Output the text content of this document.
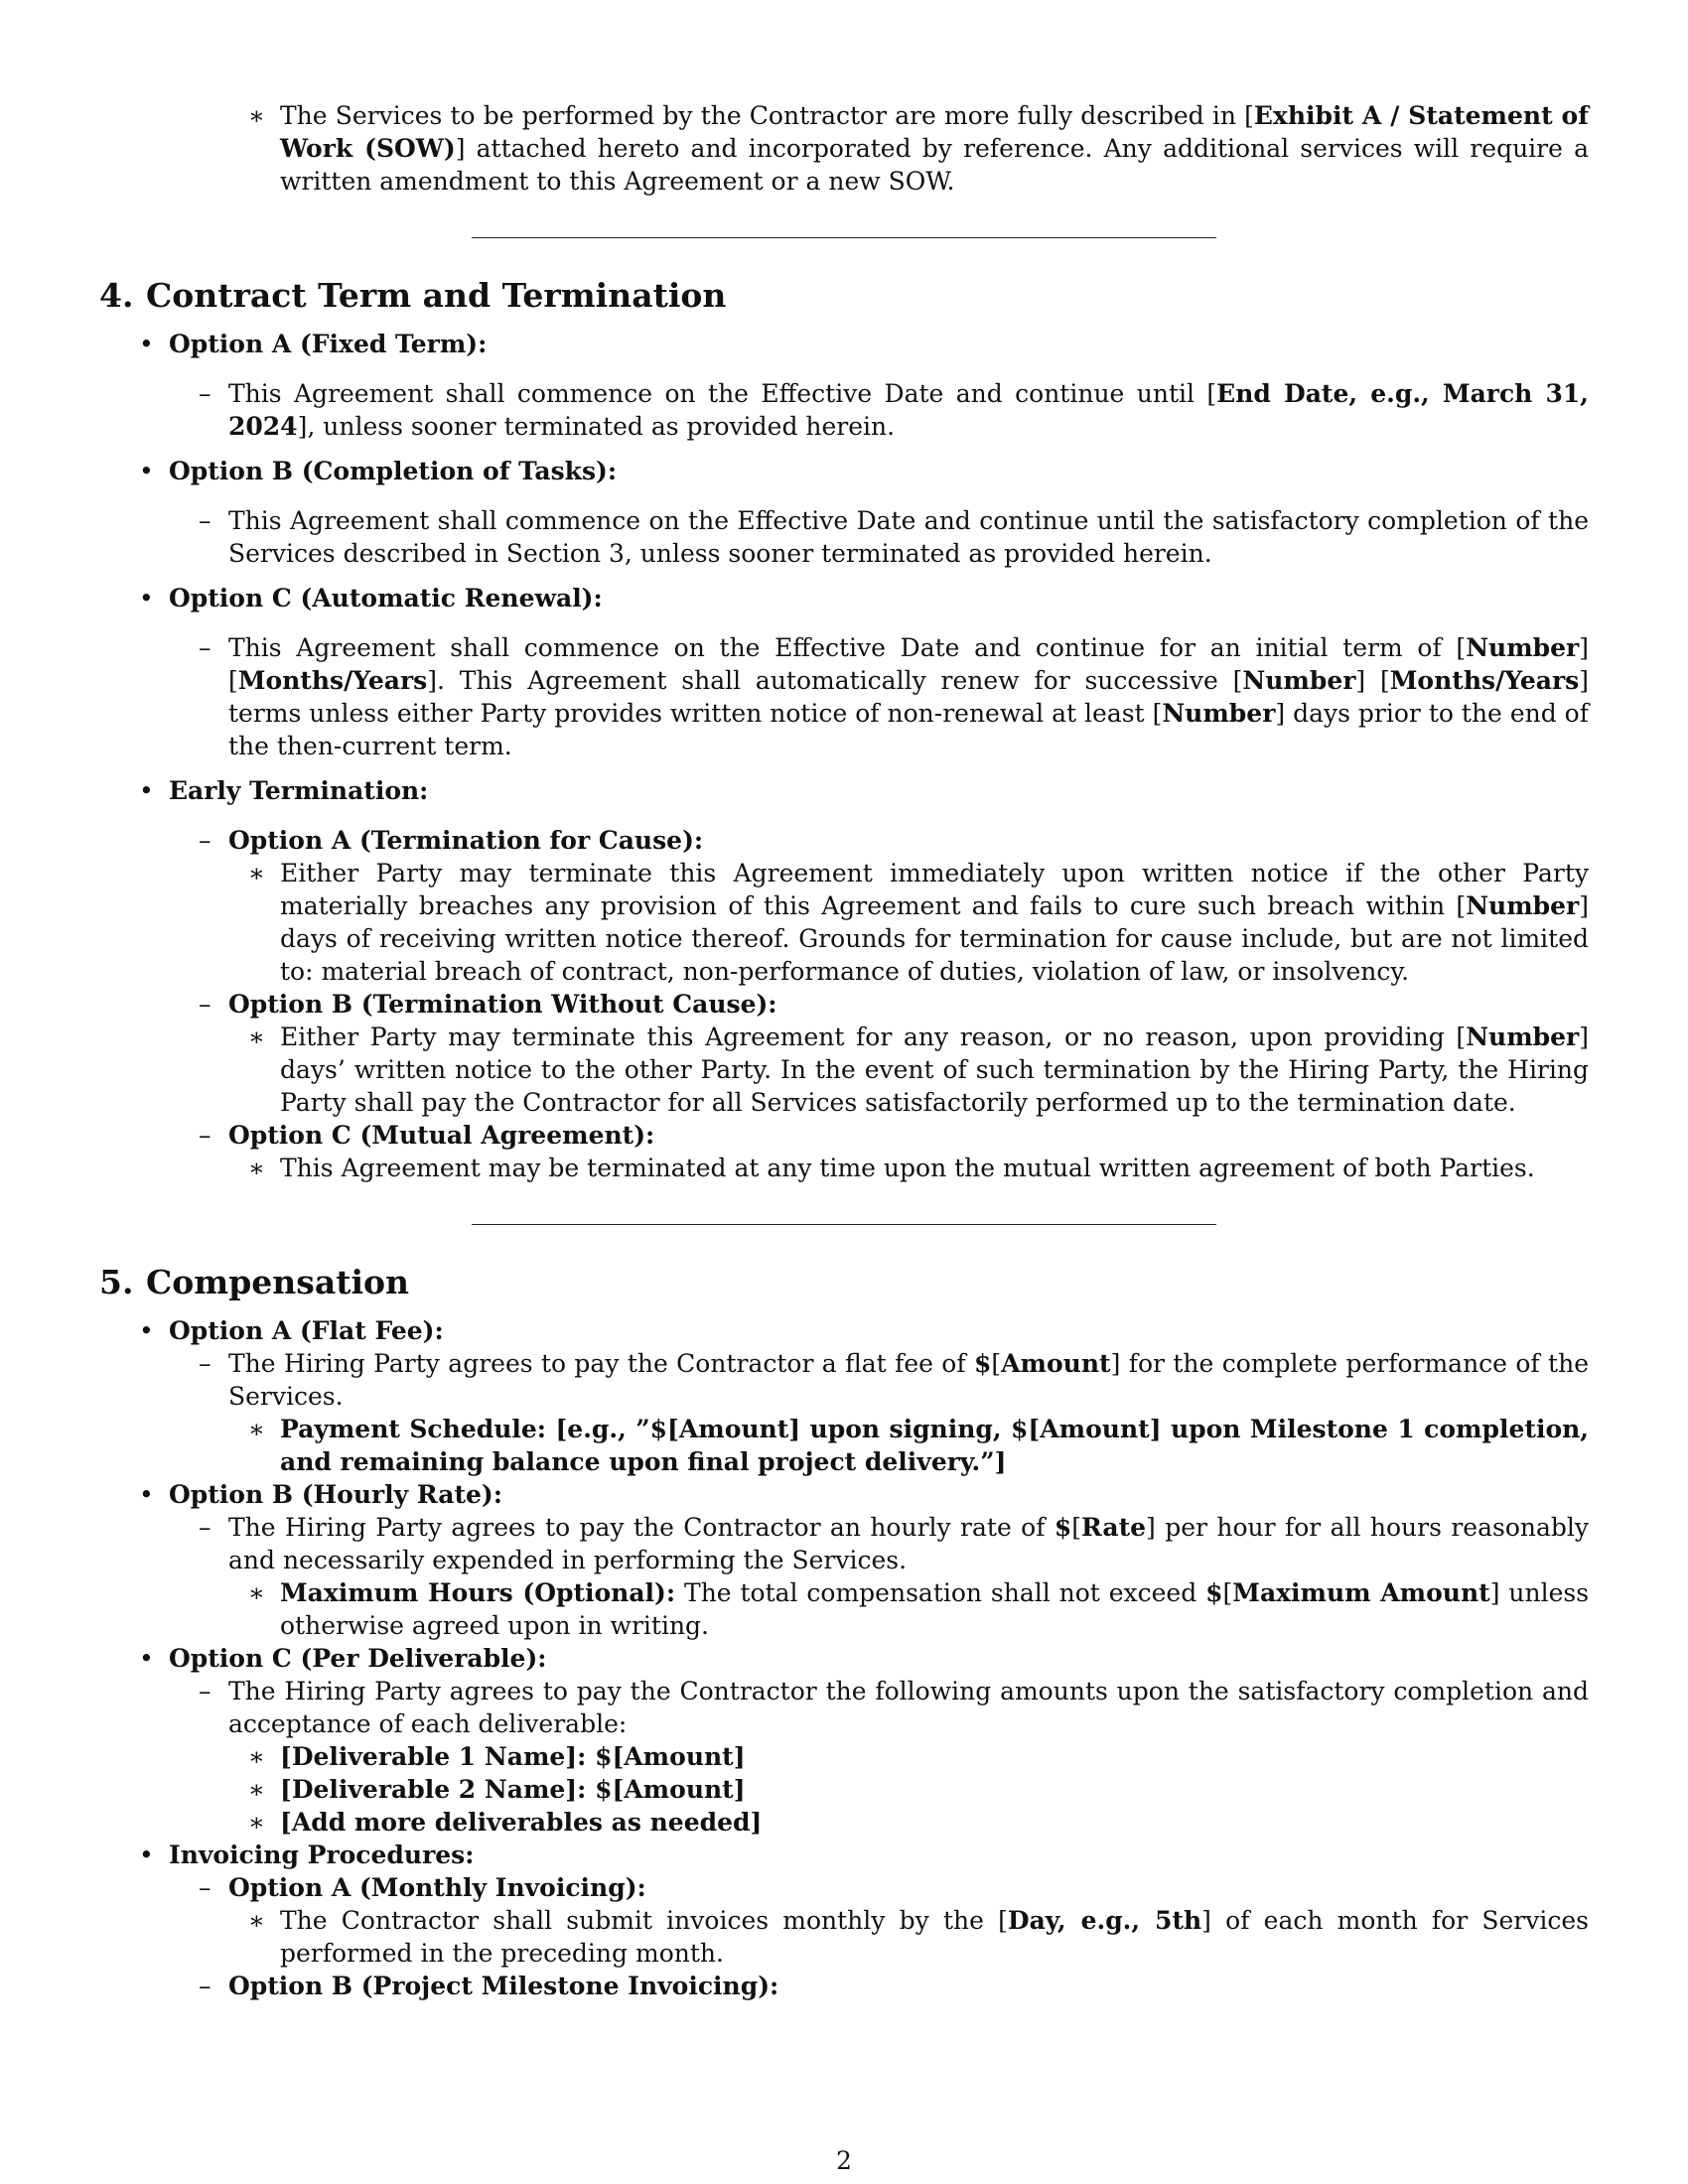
∗ The Services to be performed by the Contractor are more fully described in [Exhibit A / Statement of Work (SOW)] attached hereto and incorporated by reference. Any additional services will require a written amendment to this Agreement or a new SOW.

4. Contract Term and Termination
• Option A (Fixed Term):
– This Agreement shall commence on the Effective Date and continue until [End Date, e.g., March 31, 2024], unless sooner terminated as provided herein.

• Option B (Completion of Tasks):
– This Agreement shall commence on the Effective Date and continue until the satisfactory completion of the Services described in Section 3, unless sooner terminated as provided herein.

• Option C (Automatic Renewal):
– This Agreement shall commence on the Effective Date and continue for an initial term of [Number] [Months/Years]. This Agreement shall automatically renew for successive [Number] [Months/Years] terms unless either Party provides written notice of non-renewal at least [Number] days prior to the end of the then-current term.

• Early Termination:
– Option A (Termination for Cause):
∗ Either Party may terminate this Agreement immediately upon written notice if the other Party materially breaches any provision of this Agreement and fails to cure such breach within [Number] days of receiving written notice thereof. Grounds for termination for cause include, but are not limited to: material breach of contract, non-performance of duties, violation of law, or insolvency.

– Option B (Termination Without Cause):
∗ Either Party may terminate this Agreement for any reason, or no reason, upon providing [Number] days’ written notice to the other Party. In the event of such termination by the Hiring Party, the Hiring Party shall pay the Contractor for all Services satisfactorily performed up to the termination date.

– Option C (Mutual Agreement):
∗ This Agreement may be terminated at any time upon the mutual written agreement of both Parties.

5. Compensation
• Option A (Flat Fee):
– The Hiring Party agrees to pay the Contractor a flat fee of $[Amount] for the complete performance of the Services.

∗ Payment Schedule: [e.g., ”$[Amount] upon signing, $[Amount] upon Milestone 1 completion, and remaining balance upon final project delivery.”]
• Option B (Hourly Rate):
– The Hiring Party agrees to pay the Contractor an hourly rate of $[Rate] per hour for all hours reasonably and necessarily expended in performing the Services.

∗ Maximum Hours (Optional): The total compensation shall not exceed $[Maximum Amount] unless otherwise agreed upon in writing.

• Option C (Per Deliverable):
– The Hiring Party agrees to pay the Contractor the following amounts upon the satisfactory completion and acceptance of each deliverable:

∗ [Deliverable 1 Name]: $[Amount]
∗ [Deliverable 2 Name]: $[Amount]
∗ [Add more deliverables as needed]
• Invoicing Procedures:
– Option A (Monthly Invoicing):
∗ The Contractor shall submit invoices monthly by the [Day, e.g., 5th] of each month for Services performed in the preceding month.

– Option B (Project Milestone Invoicing):
2
